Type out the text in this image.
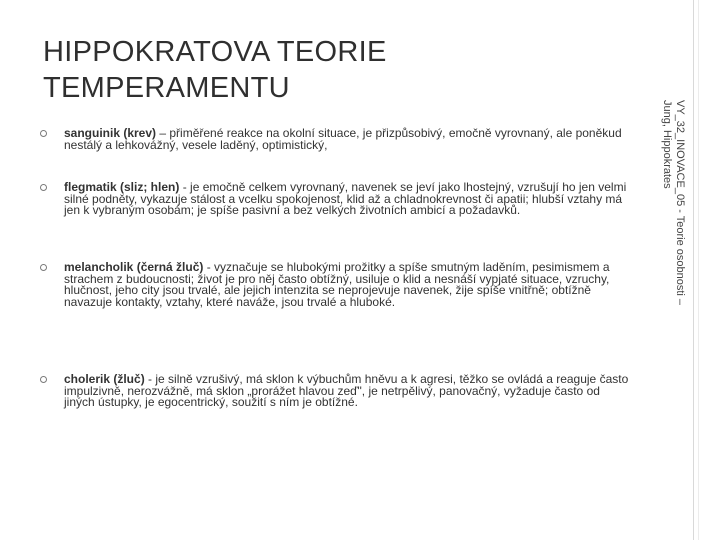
HIPPOKRATOVA TEORIE
TEMPERAMENTU
sanguinik (krev) – přiměřené reakce na okolní situace, je přizpůsobivý, emočně vyrovnaný, ale poněkud nestálý a lehkovážný, vesele laděný, optimistický,
flegmatik (sliz; hlen) - je emočně celkem vyrovnaný, navenek se jeví jako lhostejný, vzrušují ho jen velmi silné podněty, vykazuje stálost a vcelku spokojenost, klid až a chladnokrevnost či apatii; hlubší vztahy má jen k vybraným osobám; je spíše pasivní a bez velkých životních ambicí a požadavků.
melancholik (černá žluč) - vyznačuje se hlubokými prožitky a spíše smutným laděním, pesimismem a strachem z budoucnosti; život je pro něj často obtížný, usiluje o klid a nesnáší vypjaté situace, vzruchy, hlučnost, jeho city jsou trvalé, ale jejich intenzita se neprojevuje navenek, žije spíše vnitřně; obtížně navazuje kontakty, vztahy, které naváže, jsou trvalé a hluboké.
cholerik (žluč) - je silně vzrušivý, má sklon k výbuchům hněvu a k agresi, těžko se ovládá a reaguje často impulzivně, nerozvážně, má sklon „prorážet hlavou zeď", je netrpělivý, panovačný, vyžaduje často od jiných ústupky, je egocentrický, soužití s ním je obtížné.
VY_32_INOVACE_05 - Teorie osobnosti –
Jung, Hippokrates
